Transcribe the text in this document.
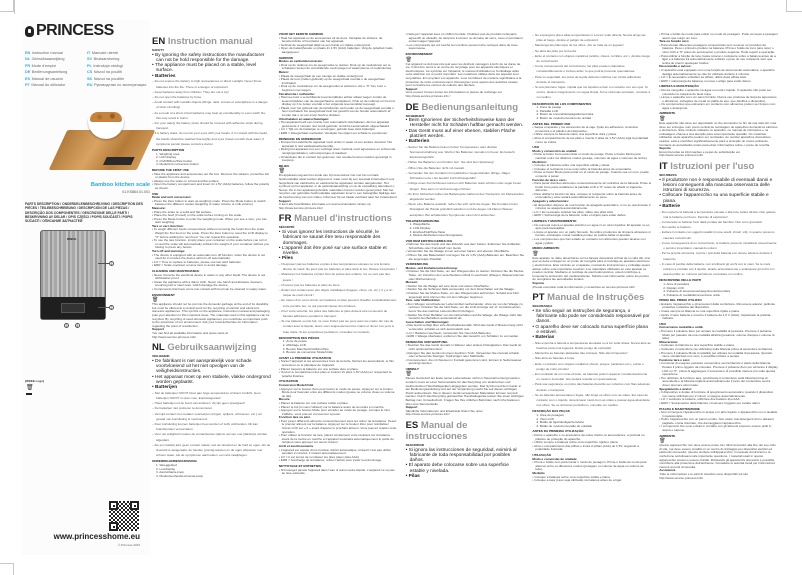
PRINCESS
EN Instruction manual	IT Manuale utente
NL Gebruiksaanwijzing	SV Bruksanvisning
FR Mode d'emploi	PL Instrukcja obsługi
DE Bedienungsanleitung	CS Návod na použití
ES Manual de usuario	SK Návod na použitie
PT Manual do utilizador	RU Руководство по эксплуатации
Bamboo kitchen scale
01.KS864.01.001
PARTS DESCRIPTION / ONDERDELENBESCHRIJVING / DESCRIPTION DES PIÈCES / TEILEBESCHREIBUNG / DESCRIPCIÓN DE LAS PIEZAS / DESCRIÇÃO DOS COMPONENTES / DESCRIZIONE DELLE PARTI / BESKRIVNING AV DELAR / OPIS CZĘŚCI / POPIS SOUČÁSTÍ / POPIS SÚČASTÍ / ОПИСАНИЕ ЗАПЧАСТЕЙ
RINCE
1
2
3	4
[WEEE Logo]
🗑
www.princesshome.eu
© Princess 2019
EN Instruction manual
SAFETY
• By ignoring the safety instructions the manufacturer can not be hold responsible for the damage.
• The appliance must be placed on a stable, level surface.
• Batteries
– Do not expose the battery to high temperatures or direct sunlight. Never throw batteries into the fire. There is a danger of explosion!
– Keep batteries away from children. They are not a toy!
– Do not open the batteries by force.
– Avoid contact with metallic objects (Rings, nails, screws et cetera)there is a danger of short circuiting!
– As a result of a short circuit batteries may heat up considerably or even catch fire, this may result in burns.
– For your safety the battery poles should be covered with adhesive strips during transport.
– If a battery leaks, do not rub your eyes with your hands. If in contact with the liquid, the hands should be washed thoroughly and eyes rinsed out with clear water, if symptoms persist please consult a doctor.
PARTS DESCRIPTION
1. Weighing area
2. LCD display
3. On/Off/Zero/Tare button
4. Mode/Unit conversion button
BEFORE THE FIRST USE
• Take the appliance and accessories out the box. Remove the stickers, protective foil or plastic from the device.
• Always use the scale on a hard and flat surface.
• Open the battery compartment and insert 2x 1.5V (AAA) batteries, follow the polarity as shown.
USE
Mode and unit conversion:
• Press the Zero button to start up weighing mode. Press the Mode button to switch between the different modes (weighing or water volume or milk volume).
Measure:
• Place the scale on a solid and flat surface.
• Place the bowl (if used) on the scale before turning on the scale.
• Press the Mode button to enter the weighing mode. When you see a zero, you can start weighing.
Tare or zero function:
• To weigh different foods consecutively without removing the foods from the scale. Weigh the first food on the scale. Press the Zero button to reset the LCD display to "0" before adding the next food. You can repeat this operation.
• To use the tare function, simply place your container on the scale before you turn it on and the scale will automatically subtract the weight of your container without you having to press any button.
Turn off and warnings:
• The device is equipped with an automatic turn off function, when the device is not used for 2 minutes the device will turn off automatically.
• LO = Time to replace to batteries, please use two AAA batteries
• ERR = Scale overload, remove item to avoid damage.
CLEANING AND MAINTENANCE
• Never immerse the electrical device in water or any other liquid. The device is not dishwasher proof.
• Clean the appliance with a damp cloth. Never use harsh and abrasive cleaners, scouring pad or steel wool, which damage the device.
• Components that have come into contact with food can be cleaned in soapy water.
ENVIRONMENT
🗑
This appliance should not be put into the domestic garbage at the end of its durability, but must be offered at a central point for the recycling of electric and electronic domestic appliances. This symbol on the appliance, instruction manual and packaging puts your attention to this important issue. The materials used in this appliance can be recycled. By recycling of used domestic appliances you contribute an important push to the protection of our environment. Ask your local authorities for information regarding the point of recollection.
Support
You can find all available information and spare parts at http://www.service.princess.info!
NL Gebruiksaanwijzing
VEILIGHEID
• De fabrikant is niet aansprakelijk voor schade voortvloeiend uit het niet opvolgen van de veiligheidsinstructies.
• Het apparaat moet op een stabiele, vlakke ondergrond worden geplaatst.
• Batterijen
– Stel de batterijen NOOIT bloot aan hoge temperaturen of direct zonlicht. Gooi batterijen NOOIT in open vuur. Explosiegevaar!
– Houd batterijen uit de buurt van kinderen. Zij zijn geen speelgoed!
– De batterijen niet proberen te demonteren.
– Vermijd contact met metalen voorwerpen (ringen, spijkers, schroeven, etc.) om gevaar van kortsluiting te voorkomen!
– Door kortsluiting kunnen batterijen heet worden of zelfs ontbranden. Dit kan brandwonden veroorzaken.
– Voor uw veiligheid moeten de contactpunten tijdens vervoer met plakstrips worden afgeplakt.
– Als een batterij lekt, geen contact maken met de vloeistof en de huid en ogen. Als de vloeistof is aangeraakt, de handen grondig wassen en de ogen afspoelen met schoon water. Als de symptomen aanhouden, een arts raadplegen.
ONDERDELENBESCHRIJVING
1. Weeggebied
2. Lcd-display
3. Aan/uit/tarra-knop
4. Modus/eenheidsconversie-knop
VOOR HET EERSTE GEBRUIK
• Haal het apparaat en de accessoires uit de doos. Verwijder de stickers, de beschermfolie of het plastic van het apparaat.
• Gebruik de weegschaal altijd op een harde en vlakke ondergrond.
• Open de batterijhouder en plaats 2x 1,5V (AAA) batterijen. Volg de polariteit zoals aangegeven.
GEBRUIK
Modus en eenheidsconversie:
• Druk op de nulknop om de weegmodus te starten. Druk op de modusknop om te schakelen tussen de verschillende modi (wegen of watervolume of melkvolume).
Meten:
• Plaats de weegschaal op een stevige en vlakke ondergrond.
• Plaats de kom (indien gebruikt) op de weegschaal voordat u de weegschaal inschakelt.
• Druk op de modusknop om de weegmodus te activeren. Als u "0" ziet, kunt u beginnen met wegen.
Tarrafunctie / nulfunctie:
• Hiermee kunt u verschillende levensmiddelen achter elkaar wegen zonder de levensmiddelen van de weegschaal te verwijderen. Druk op de nulknop om het lcd-display op 0 te zetten voordat u het volgende levensmiddel toevoegt.
• Plaats voor het gebruik van de tarrafunctie uw houder op de weegschaal voordat u hem inschakelt. De weegschaal trekt het gewicht van de houder automatisch af zonder dat u op een knop hoeft te drukken.
Uitschakelen en waarschuwingen:
• Het apparaat heeft een functie voor automatisch uitschakelen. Als het apparaat gedurende 2 minuten niet wordt gebruikt, wordt het automatisch uitgeschakeld.
• LO = Tijd om de batterijen te vervangen; gebruik twee AAA-batterijen
• ERR = Weegschaal overbelast. Verwijder het object om schade te voorkomen.
REINIGING EN ONDERHOUD
• Dompel het elektrische apparaat nooit onder in water of een andere vloeistof. Het apparaat is niet vaatwasserbestendig.
• Reinig het apparaat met een vochtige doek. Gebruik nooit agressieve en schurende reinigingsmiddelen, schuursponsjes of staalwol.
• Onderdelen die in contact zijn gekomen met voedsel kunnen worden gereinigd in zeepsop.
MILIEU
🗑
Dit apparaat mag aan het einde van zijn levensduur niet met het normale huishoudelijke afval worden afgevoerd, maar moet bij een speciaal inzamelpunt voor hergebruik van elektrische en elektronische apparaten worden aangeboden. Het symbool op het apparaat, in de gebruiksaanwijzing en op de verpakking attendeert u hierop. De in het apparaat gebruikte materialen kunnen worden gerecycled. Met het recyclen van gebruikte huishoudelijke apparaten levert u een belangrijke bijdrage aan de bescherming van ons milieu. Informeer bij uw lokale overheid naar het inzamelpunt.
Support
U kunt alle beschikbare informatie en reserveonderdelen vinden op http://www.service.princess.info!
FR Manuel d'instructions
SÉCURITÉ
• Si vous ignorez les instructions de sécurité, le fabricant ne saurait être tenu responsable des dommages.
• L'appareil doit être posé sur une surface stable et nivelée.
• Piles
– N'exposez pas les batteries et piles à des températures élevées ou à la lumière directe du soleil. Ne jetez pas les batteries et piles dans le feu. Risque d'explosion !
– Maintenez les batteries et piles hors de portée des enfants. Ce ne sont pas des jouets !
– N'ouvrez pas les batteries et piles de force.
– Évitez tout contact avec des objets métalliques (bagues, clous, vis, etc.). Il y a un risque de court-circuit !
– En raison d'un court-circuit, les batteries et piles peuvent chauffer considérablement, voire prendre feu, ce qui pourrait causer des brûlures.
– Pour votre sécurité, les pôles des batteries et piles doivent être recouverts de bandes adhésives pendant le transport.
– Si une batterie ou pile fuit, ne vous frottez pas les yeux avec les mains. En cas de contact avec le liquide, lavez-vous soigneusement les mains et rincez vos yeux à l'eau claire. Si les symptômes persistent, consultez un médecin.
DESCRIPTION DES PIÈCES
1. Zone de pesée
2. Affichage LCD
3. Bouton Marche/Arrêt/Zéro/Tare
4. Bouton de conversion Mode/Unité
AVANT LA PREMIÈRE UTILISATION
• Sortez l'appareil et les accessoires hors de la boîte. Retirez les autocollants, le film protecteur ou le plastique de l'appareil.
• Placez toujours la balance sur une surface dure et plane.
• Ouvrez le compartiment des piles et insérez 2x piles 1,5V (AAA) en respectant la polarité illustrée.
UTILISATION
Conversion Mode/Unité
• Appuyez sur le bouton Zéro pour lancer le mode de pesée. Appuyez sur le bouton Mode pour basculer entre les différents modes (pesée ou volume d'eau ou volume de lait).
Mesure
• Placez la balance sur une surface solide et plane.
• Placez le bol (si vous l'utilisez) sur la balance avant de la mettre en marche.
• Appuyez sur le bouton Mode pour accéder au mode de pesage. Lorsque le zéro s'affiche, vous pouvez commencer à peser.
Fonction tare ou zéro
• Pour peser différents aliments consécutivement sans les retirer de la balance. Pesez le premier aliment sur la balance. Appuyez sur le bouton Zéro pour réinitialiser l'écran LCD sur « 0 » avant d'ajouter le prochain aliment. Vous pouvez répéter cette opération.
• Pour utiliser la fonction de tare, placez simplement votre récipient sur la balance avant de la mettre en marche et l'appareil soustraira automatiquement le poids du récipient sans appuyer sur aucun bouton.
Arrêt et avertissements
• L'appareil est équipé d'une fonction d'arrêt automatique, lorsqu'il n'est pas utilisé pendant 2 minutes, il s'éteint automatiquement.
• LO = Il est temps de remplacer les piles (deux piles AAA)
• ERR = Surcharge de la balance, retirez l'article pour éviter tout dommage.
NETTOYAGE ET ENTRETIEN
• N'immergez jamais l'appareil dans l'eau ni aucun autre liquide. L'appareil ne va pas au lave-vaisselle.
• Nettoyez l'appareil avec un chiffon humide. N'utilisez pas de produits nettoyants agressifs ou abrasifs, de tampons à récurer ou de laine de verre, ceux-ci pourraient endommager l'appareil.
• Les composants qui ont touché la nourriture peuvent être nettoyés dans de l'eau savonneuse.
ENVIRONNEMENT
🗑
Cet appareil ne doit pas être jeté avec les déchets ménagers à la fin de sa durée de vie. Il doit être remis à un centre de recyclage pour les appareils électriques et électroniques. Ce symbole sur l'appareil, le manuel d'utilisation et l'emballage attire votre attention sur un point important. Les matériaux utilisés dans cet appareil sont recyclables. En recyclant vos appareils, vous contribuez de manière significative à la protection de notre environnement. Renseignez-vous auprès des autorités locales pour connaître les centres de collecte des déchets.
Support
Vous pouvez trouver toutes les informations et pièces de rechange sur http://www.service.princess.info !
DE Bedienungsanleitung
SICHERHEIT
• Beim Ignorieren der Sicherheitshinweise kann der Hersteller nicht für Schäden haftbar gemacht werden.
• Das Gerät muss auf einer ebenen, stabilen Fläche platziert werden.
• Batterien
– Setzen Sie die Batterie keinen hohen Temperaturen oder direkter Sonneneinstrahlung aus. Werfen Sie Batterien niemals ins Feuer. Es besteht Explosionsgefahr!
– Halten Sie Batterien von Kindern fern. Sie sind kein Spielzeug!
– Öffnen Sie die Batterien nicht mit Gewalt.
– Vermeiden Sie den Kontakt mit metallischen Gegenständen (Ringe, Nägel, Schrauben usw.). Es besteht Kurzschlussgefahr!
– Infolge eines Kurzschlusses können sich Batterien stark erhitzen oder sogar Feuer fangen. Dies kann zu Verbrennungen führen.
– Zu Ihrer Sicherheit sollten die Batteriepole während des Transports mit Klebestreifen abgedeckt werden.
– Wenn eine Batterie ausläuft, reiben Sie sich nicht die Augen. Bei Kontakt mit der Flüssigkeit die Hände gründlich waschen und die Augen mit klarem Wasser ausspülen. Bei anhaltenden Symptomen einen Arzt aufsuchen.
TEILEBESCHREIBUNG
1. Wiegefläche
2. LCD-Display
3. Ein/Aus/Null/Tara-Taste
4. Modus-/Einheitenumrechnungstaste
VOR DEM ERSTEN GEBRAUCH
• Nehmen Sie das Gerät und das Zubehör aus dem Karton. Entfernen Sie Aufkleber, Schutzfolie oder Kunststoff vom Gerät.
• Verwenden Sie die Waage immer auf einer harten und ebenen Oberfläche.
• Öffnen Sie das Batteriefach und legen Sie 2x 1,5V (AAA)-Batterien ein. Beachten Sie die angezeigte Polarität.
VERWENDUNG
Modus- und Einheitenumrechnung:
• Drücken Sie die Null-Taste, um den Wiegemodus zu starten. Drücken Sie die Modus-Taste, um zwischen den verschiedenen Modi zu wechseln (Wiegen, Wasservolumen oder Milchvolumen).
Messen:
• Stellen Sie die Waage auf eine feste und ebene Oberfläche.
• Stellen Sie die Schüssel (falls verwendet) vor dem Einschalten auf die Waage.
• Drücken Sie die Modus-Taste, um den Wiegemodus aufzurufen. Sobald eine Null angezeigt wird, können Sie mit dem Wiegen beginnen.
Tara- oder Nullfunktion:
• Zum Wiegen verschiedener Lebensmittel nacheinander, ohne sie von der Waage zu nehmen. Drücken Sie die Null-Taste, um die LCD-Anzeige auf „0“ zurückzusetzen, bevor Sie das nächste Lebensmittel hinzufügen.
• Stellen Sie Ihren Behälter vor dem Einschalten auf die Waage; die Waage zieht das Gewicht des Behälters automatisch ab.
Ausschalten und Warnungen:
• Das Gerät verfügt über eine Abschaltautomatik. Wird das Gerät 2 Minuten lang nicht verwendet, schaltet es sich automatisch aus.
• LO = Batterien wechseln; verwenden Sie zwei AAA-Batterien
• ERR = Waage überlastet; entfernen Sie das Gewicht, um Schäden zu vermeiden.
REINIGUNG UND WARTUNG
• Tauchen Sie das Gerät niemals in Wasser oder andere Flüssigkeiten. Das Gerät ist nicht spülmaschinenfest.
• Reinigen Sie das Gerät mit einem feuchten Tuch. Verwenden Sie niemals scharfe oder scheuernde Reiniger, Topfreiniger oder Stahlwolle.
• Komponenten, die mit Speisen in Kontakt gekommen sind, können in Seifenwasser gereinigt werden.
UMWELT
🗑
Dieses Gerät darf am Ende seiner Lebensdauer nicht im Hausmüll entsorgt werden, sondern muss an einer Sammelstelle für das Recycling von elektrischen und elektronischen Haushaltsgeräten abgegeben werden. Das Symbol auf dem Gerät, in der Bedienungsanleitung und auf der Verpackung macht Sie auf diesen wichtigen Punkt aufmerksam. Die in diesem Gerät verwendeten Materialien können recycelt werden. Durch das Recycling gebrauchter Haushaltsgeräte leisten Sie einen wichtigen Beitrag zum Umweltschutz. Fragen Sie Ihre örtlichen Behörden nach Informationen über eine Sammelstelle.
Support
Sämtliche Informationen und Ersatzteile finden Sie unter http://www.service.princess.info!
ES Manual de instrucciones
SEGURIDAD
• Si ignora las instrucciones de seguridad, eximirá al fabricante de toda responsabilidad por posibles daños.
• El aparato debe colocarse sobre una superficie estable y nivelada.
• Pilas
– No exponga la pila a altas temperaturas ni a la luz solar directa. Nunca arroje las pilas al fuego. ¡Existe el peligro de explosión!
– Mantenga las pilas lejos de los niños. ¡No se trata de un juguete!
– No abra las pilas por la fuerza.
– Evite el contacto con objetos metálicos (anillos, clavos, tornillos, etc.). ¡Existe riesgo de cortocircuito!
– Como consecuencia del cortocircuito, las pilas pueden calentarse considerablemente o incluso arder, lo que podría provocar quemaduras.
– Para su seguridad, los polos de la pila deberán cubrirse con cintas adhesivas durante el transporte.
– Si una pila tiene fugas, impida que los líquidos entren en contacto con sus ojos. Si ocurre, lávelos íntegramente con agua limpia. Si los síntomas persisten, consulte a su médico.
DESCRIPCIÓN DE LOS COMPONENTES
1. Zona de pesaje
2. Pantalla LCD
3. Botón de encendido/apagado/cero/tara
4. Botón de modo/conversión de unidad
ANTES DEL PRIMER USO
• Saque el aparato y los accesorios de la caja. Quite los adhesivos, la lámina protectora o el plástico del dispositivo.
• Utilice siempre la báscula sobre una superficie dura y plana.
• Abra el compartimento de las pilas e inserte 2 pilas de 1,5V (AAA) siga la polaridad como se indica.
USO
Modo y conversión de unidad:
• Pulse el botón Cero para iniciar el modo de pesaje. Pulse el botón Modo para cambiar entre los distintos modos (pesaje, volumen de agua o volumen de leche).
Medición:
• Coloque la báscula sobre una superficie sólida y plana.
• Coloque el recipiente (si se usa) sobre la báscula antes de encenderla.
• Pulse el botón Modo para entrar en el modo de pesaje. Cuando vea un cero, puede empezar a pesar.
Función de tara o cero:
• Para pesar distintos alimentos consecutivamente sin retirarlos de la báscula. Pulse el botón Cero para restablecer la pantalla LCD a "0" antes de añadir el siguiente alimento.
• Para utilizar la función de tara, coloque el recipiente sobre la báscula antes de encenderla y esta restará automáticamente su peso.
Apagado y advertencias:
• El dispositivo dispone de una función de apagado automático; si no se usa durante 2 minutos se apagará automáticamente.
• LO = Es necesario sustituir las pilas; utilice dos pilas AAA
• ERR = Sobrecarga de la báscula; retire el objeto para evitar daños.
LIMPIEZA Y MANTENIMIENTO
• No sumerja nunca el aparato eléctrico en agua ni en otros líquidos. El aparato no es apto para lavavajillas.
• Limpie el aparato con un paño húmedo. No utilice productos de limpieza abrasivos ni fuertes, estropajos o lana metálica porque se podría dañar el aparato.
• Los componentes que han estado en contacto con alimentos pueden lavarse con agua y jabón.
MEDIO AMBIENTE
🗑
Este aparato no debe desecharse con la basura doméstica al final de su vida útil, sino que se debe entregar en un punto de recogida para el reciclaje de aparatos eléctricos y electrónicos. Este símbolo en el aparato, manual de instrucciones y embalaje quiere alertar sobre esta importante cuestión. Los materiales utilizados en este aparato se pueden reciclar. Mediante el reciclaje de electrodomésticos, usted contribuye a fomentar la protección del medioambiente. Solicite más información sobre los puntos de recogida a las autoridades locales.
Soporte
¡Puede encontrar toda la información y recambios en service.princess.info!
PT Manual de Instruções
SEGURANÇA
• Se não seguir as instruções de segurança, o fabricante não pode ser considerado responsável por danos.
• O aparelho deve ser colocado numa superfície plana e estável.
• Baterias
– Não exponha a bateria a temperaturas elevadas ou à luz solar direta. Nunca atire as baterias para uma fogueira. Existe perigo de explosão!
– Mantenha as baterias afastadas das crianças. Não são brinquedos!
– Não abra as baterias à força.
– Evite o contacto com objetos metálicos (Anéis, pregos, parafusos etc.), existe o perigo de curto-circuito!
– Em resultado de um curto-circuito, as baterias podem aquecer consideravelmente ou mesmo incendiar. Isto poderá resultar em queimaduras.
– Para sua segurança, os pólos das baterias deverão ser cobertos com fitas adesivas durante o transporte.
– Se as baterias apresentarem fugas, não limpe os olhos com as mãos. Em caso de contacto com o líquido, deverá lavar muito bem as mãos e passar água abundante nos olhos. Se os sintomas persistirem, consulte um médico.
DESCRIÇÃO DAS PEÇAS
1. Área de pesagem
2. Visor LCD
3. Botão de ligar/desligar/zero/tara
4. Botão de modo/conversão de unidade
ANTES DA PRIMEIRA UTILIZAÇÃO
• Retire o aparelho e os acessórios da caixa. Retire os autocolantes, a película ou plástico de proteção do aparelho.
• Utilize sempre a balança sobre uma superfície rígida e plana.
• Abra o compartimento das pilhas e insira 2 pilhas (AAA) de 1,5V, seguindo a polaridade ilustrada.
UTILIZAÇÃO
Modo e conversão de unidade
• Prima o botão zero para iniciar o modo de pesagem. Prima o botão de modo para alternar entre os diferentes modos (pesagem ou volume de água ou volume de leite).
Medição
• Coloque a balança sobre uma superfície sólida e plana.
• Coloque a taça (caso seja utilizada) na balança antes de a ligar.
• Prima o botão de modo para entrar no modo de pesagem. Pode começar a pesagem assim que surgir um zero.
Tara ou função zero:
• Para efetuar diferentes pesagens consecutivas sem remover os produtos da balança. Pese o primeiro produto na balança. Prima o botão de zero para repor o visor LCD a "0" antes de acrescentar o produto seguinte. Pode repetir a operação.
• Para utilizar a função de tara, basta colocar o recipiente sobre a balança antes de a ligar e a balança irá automaticamente subtrair o peso do seu recipiente sem que tenha de premir quaisquer botões.
Desconexão e avisos:
• O aparelho está equipado com uma função de desconexão automática; o aparelho desliga automaticamente se não for utilizado durante 2 minutos.
• LO = É necessário substituir as pilhas; utilize duas pilhas AAA.
• ERR = sobrecarga da balança; remova o artigo para evitar danos.
LIMPEZA E MANUTENÇÃO
• Nunca mergulhe o aparelho na água ou noutro líquido. O aparelho não pode ser colocado na máquina de lavar loiça.
• Limpe o aparelho com um pano húmido. Nunca use produtos de limpeza agressivos e abrasivos, esfregões de metal ou palha de aço, que danifica o dispositivo.
• Os componentes que estiveram em contacto com alimentos podem ser limpos com água e detergente.
AMBIENTE
🗑
Este aparelho não deve ser depositado no lixo doméstico no fim da sua vida útil, mas deve ser entregue num ponto central de reciclagem de aparelhos domésticos elétricos e eletrónicos. Este símbolo indicado no aparelho, no manual de instruções e na embalagem chama a sua atenção para esta importante questão. Os materiais utilizados neste aparelho podem ser reciclados. Ao reciclar aparelhos domésticos usados, está a contribuir significativamente para a proteção do nosso ambiente. Contacte as autoridades locais para obter informações sobre o ponto de recolha.
Suporte
Encontra todas as informações e peças de substituição em http://www.service.princess.info!
IT Istruzioni per l'uso
SICUREZZA
• Il produttore non è responsabile di eventuali danni e lesioni conseguenti alla mancata osservanza delle istruzioni di sicurezza.
• Collocare l'apparecchio su una superficie stabile e piana.
• Batterie
– Non esporre la batteria a temperature elevate o alla luce solare diretta. Non gettare mai le batterie nel fuoco. Pericolo di esplosioni!
– Conservare le batterie fuori dalla portata dei bambini. Non sono giocattoli.
– Non aprire le batterie.
– Evitare il contatto con oggetti metallici (come anelli, chiodi, viti), in quanto possono causare cortocircuiti.
– Come conseguenza di un cortocircuito, le batterie possono riscaldarsi notevolmente o persino incendiarsi, causando ustioni.
– Per la propria sicurezza, coprire i poli della batteria con strisce adesive durante il trasporto.
– In caso di perdite della batteria, non strofinarsi gli occhi con le mani. Se le mani entrano a contatto con il liquido, lavarle accuratamente e sciacquare gli occhi con acqua pulita; se i sintomi persistono consultare un medico.
DESCRIZIONE DELLE PARTI
1. Area di pesatura
2. Display LCD
3. Pulsante di accensione/spegnimento/zero/tara
4. Pulsante di modalità/conversione unità
PRIMA DEL PRIMO UTILIZZO
• Estrarre l'apparecchio e gli accessori dalla confezione. Rimuovere adesivi, pellicola protettiva o plastica dal dispositivo.
• Usare sempre la bilancia su una superficie rigida e piana.
• Aprire il vano batterie e inserire 2 batterie da 1,5 V (AAA), rispettando la polarità indicata.
USO
Conversione modalità e unità:
• Premere il pulsante Zero per avviare la modalità di pesatura. Premere il pulsante Mode per passare da una modalità all'altra (pesatura, volume d'acqua o volume di latte).
Misurazione:
• Collocare la bilancia su una superficie stabile e piana.
• Collocare il contenitore (se utilizzato) sulla bilancia prima di accendere la bilancia.
• Premere il pulsante Mode (modalità) per attivare la modalità di pesatura. Quando viene visualizzato uno zero, è possibile iniziare a pesare.
Funzione tara o zero:
• Consente di eseguire pesature consecutive senza liberare il piatto della bilancia. Pesare il primo oggetto da misurare. Premere il pulsante Zero per azzerare il display LCD su "0", prima di aggiungere il successivo. È possibile ripetere più volte questa operazione.
• Per utilizzare la funzione tara, posizionare il contenitore sulla bilancia prima di accenderla e la bilancia toglierà automaticamente il peso del contenitore senza dover premere alcun tasto.
Spegnimento e avvisi:
• Il dispositivo è dotato di funzione di spegnimento automatico: quando il dispositivo non viene utilizzato per 2 minuti, si spegne automaticamente.
• LO = sostituire le batterie; utilizzare due batterie tipo AAA.
• ERR = Sovraccarico della bilancia, rimuovere l'oggetto per evitare danni.
PULIZIA E MANUTENZIONE
• Non immergere l'apparecchio in acqua o in altro liquido. L'apparecchio non è lavabile in lavastoviglie.
• Pulire l'apparecchio con un panno umido. Non usare mai detergenti duri o abrasivi, pagliette o lana d'acciaio, che danneggiano l'apparecchio.
• I componenti che sono entrati in contatto con gli alimenti possono essere puliti in acqua e sapone.
AMBIENTE
🗑
Questo apparecchio non deve essere posto tra i rifiuti domestici alla fine del suo ciclo di vita, ma deve essere smaltito in un centro di riciclaggio per dispositivi elettrici ed elettronici domestici. Questo simbolo sull'apparecchio, il manuale di istruzioni e la confezione sottolineano tale importante questione. I materiali usati in questo apparecchio possono essere riciclati. Riciclando gli apparecchi domestici è possibile contribuire alla protezione dell'ambiente. Contattare le autorità locali per informazioni inerenti ai punti di raccolta.
Assistenza
Tutte le informazioni e le parti di ricambio sono disponibili sul sito http://www.service.princess.info!
